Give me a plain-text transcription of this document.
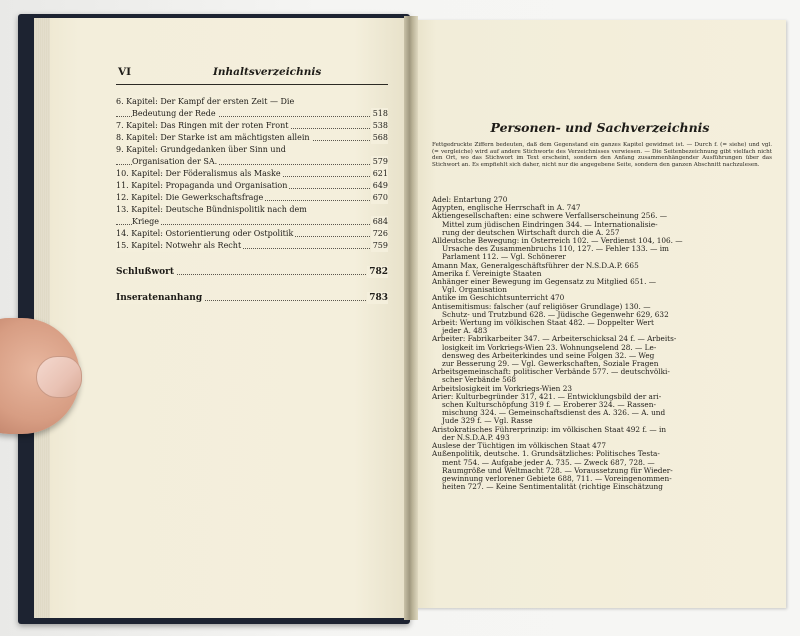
VI	Inhaltsverzeichnis
6. Kapitel: Der Kampf der ersten Zeit — Die
Bedeutung der Rede	518
7. Kapitel: Das Ringen mit der roten Front	538
8. Kapitel: Der Starke ist am mächtigsten allein	568
9. Kapitel: Grundgedanken über Sinn und
Organisation der SA.	579
10. Kapitel: Der Föderalismus als Maske	621
11. Kapitel: Propaganda und Organisation	649
12. Kapitel: Die Gewerkschaftsfrage	670
13. Kapitel: Deutsche Bündnispolitik nach dem
Kriege	684
14. Kapitel: Ostorientierung oder Ostpolitik	726
15. Kapitel: Notwehr als Recht	759
Schlußwort	782
Inseratenanhang	783
Personen- und Sachverzeichnis
Fettgedruckte Ziffern bedeuten, daß dem Gegenstand ein ganzes Kapitel gewidmet ist. — Durch f. (= siehe) und vgl. (= vergleiche) wird auf andere Stichworte des Verzeichnisses verwiesen. — Die Seitenbezeichnung gibt vielfach nicht den Ort, wo das Stichwort im Text erscheint, sondern den Anfang zusammenhängender Ausführungen über das Stichwort an. Es empfiehlt sich daher, nicht nur die angegebene Seite, sondern den ganzen Abschnitt nachzulesen.
Adel: Entartung 270
Agypten, englische Herrschaft in A. 747
Aktiengesellschaften: eine schwere Verfallserscheinung 256. —
Mittel zum jüdischen Eindringen 344. — Internationalisie-
rung der deutschen Wirtschaft durch die A. 257
Alldeutsche Bewegung: in Österreich 102. — Verdienst 104, 106. —
Ursache des Zusammenbruchs 110, 127. — Fehler 133. — im
Parlament 112. — Vgl. Schönerer
Amann Max, Generalgeschäftsführer der N.S.D.A.P. 665
Amerika f. Vereinigte Staaten
Anhänger einer Bewegung im Gegensatz zu Mitglied 651. —
Vgl. Organisation
Antike im Geschichtsunterricht 470
Antisemitismus: falscher (auf religiöser Grundlage) 130. —
Schutz- und Trutzbund 628. — Jüdische Gegenwehr 629, 632
Arbeit: Wertung im völkischen Staat 482. — Doppelter Wert
jeder A. 483
Arbeiter: Fabrikarbeiter 347. — Arbeiterschicksal 24 f. — Arbeits-
losigkeit im Vorkriegs-Wien 23. Wohnungselend 28. — Le-
densweg des Arbeiterkindes und seine Folgen 32. — Weg
zur Besserung 29. — Vgl. Gewerkschaften, Soziale Fragen
Arbeitsgemeinschaft: politischer Verbände 577. — deutschvölki-
scher Verbände 568
Arbeitslosigkeit im Vorkriegs-Wien 23
Arier: Kulturbegründer 317, 421. — Entwicklungsbild der ari-
schen Kulturschöpfung 319 f. — Eroberer 324. — Rassen-
mischung 324. — Gemeinschaftsdienst des A. 326. — A. und
Jude 329 f. — Vgl. Rasse
Aristokratisches Führerprinzip: im völkischen Staat 492 f. — in
der N.S.D.A.P. 493
Auslese der Tüchtigen im völkischen Staat 477
Außenpolitik, deutsche. 1. Grundsätzliches: Politisches Testa-
ment 754. — Aufgabe jeder A. 735. — Zweck 687, 728. —
Raumgröße und Weltmacht 728. — Voraussetzung für Wieder-
gewinnung verlorener Gebiete 688, 711. — Voreingenommen-
heiten 727. — Keine Sentimentalität (richtige Einschätzung
